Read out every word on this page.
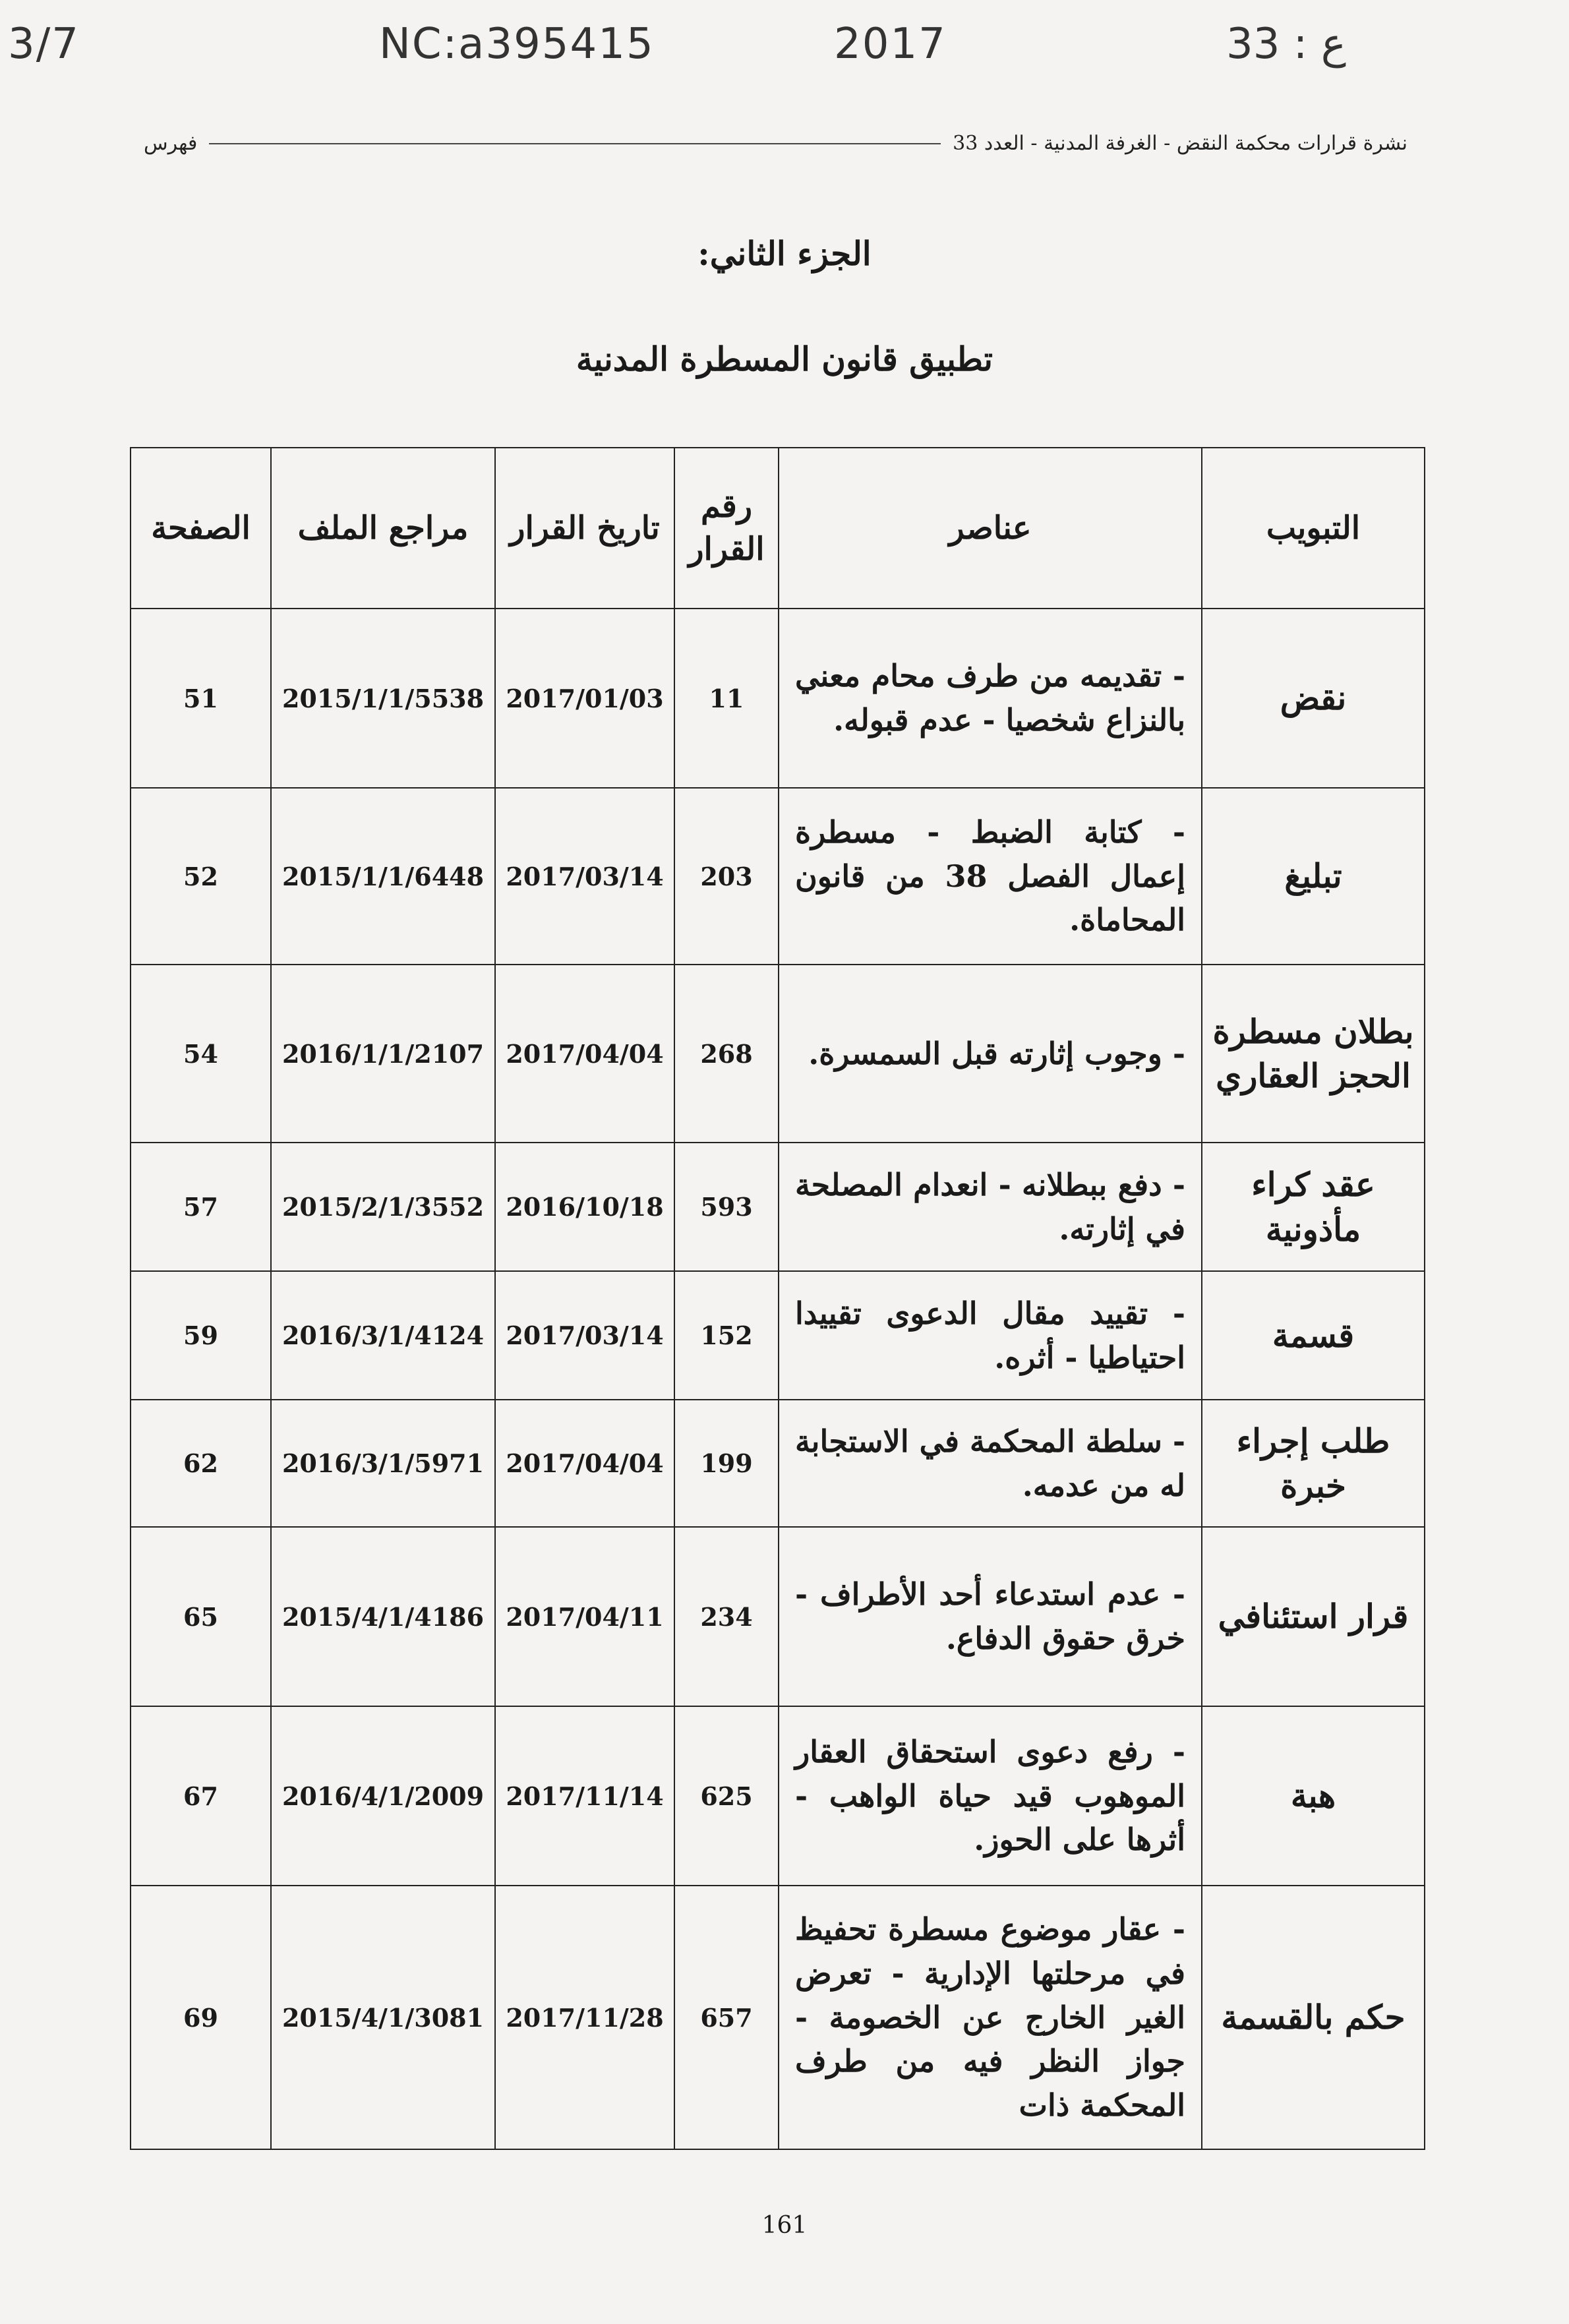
3/7	NC:a395415	2017	33 : ع
نشرة قرارات محكمة النقض - الغرفة المدنية - العدد 33
فهرس
الجزء الثاني:
تطبيق قانون المسطرة المدنية
التبويب	عناصر	رقم القرار	تاريخ القرار	مراجع الملف	الصفحة
نقض	- تقديمه من طرف محام معني بالنزاع شخصيا - عدم قبوله.	11	2017/01/03	2015/1/1/5538	51
تبليغ	- كتابة الضبط - مسطرة إعمال الفصل 38 من قانون المحاماة.	203	2017/03/14	2015/1/1/6448	52
بطلان مسطرة الحجز العقاري	- وجوب إثارته قبل السمسرة.	268	2017/04/04	2016/1/1/2107	54
عقد كراء مأذونية	- دفع ببطلانه - انعدام المصلحة في إثارته.	593	2016/10/18	2015/2/1/3552	57
قسمة	- تقييد مقال الدعوى تقييدا احتياطيا - أثره.	152	2017/03/14	2016/3/1/4124	59
طلب إجراء خبرة	- سلطة المحكمة في الاستجابة له من عدمه.	199	2017/04/04	2016/3/1/5971	62
قرار استئنافي	- عدم استدعاء أحد الأطراف - خرق حقوق الدفاع.	234	2017/04/11	2015/4/1/4186	65
هبة	- رفع دعوى استحقاق العقار الموهوب قيد حياة الواهب - أثرها على الحوز.	625	2017/11/14	2016/4/1/2009	67
حكم بالقسمة	- عقار موضوع مسطرة تحفيظ في مرحلتها الإدارية - تعرض الغير الخارج عن الخصومة - جواز النظر فيه من طرف المحكمة ذات	657	2017/11/28	2015/4/1/3081	69
161
